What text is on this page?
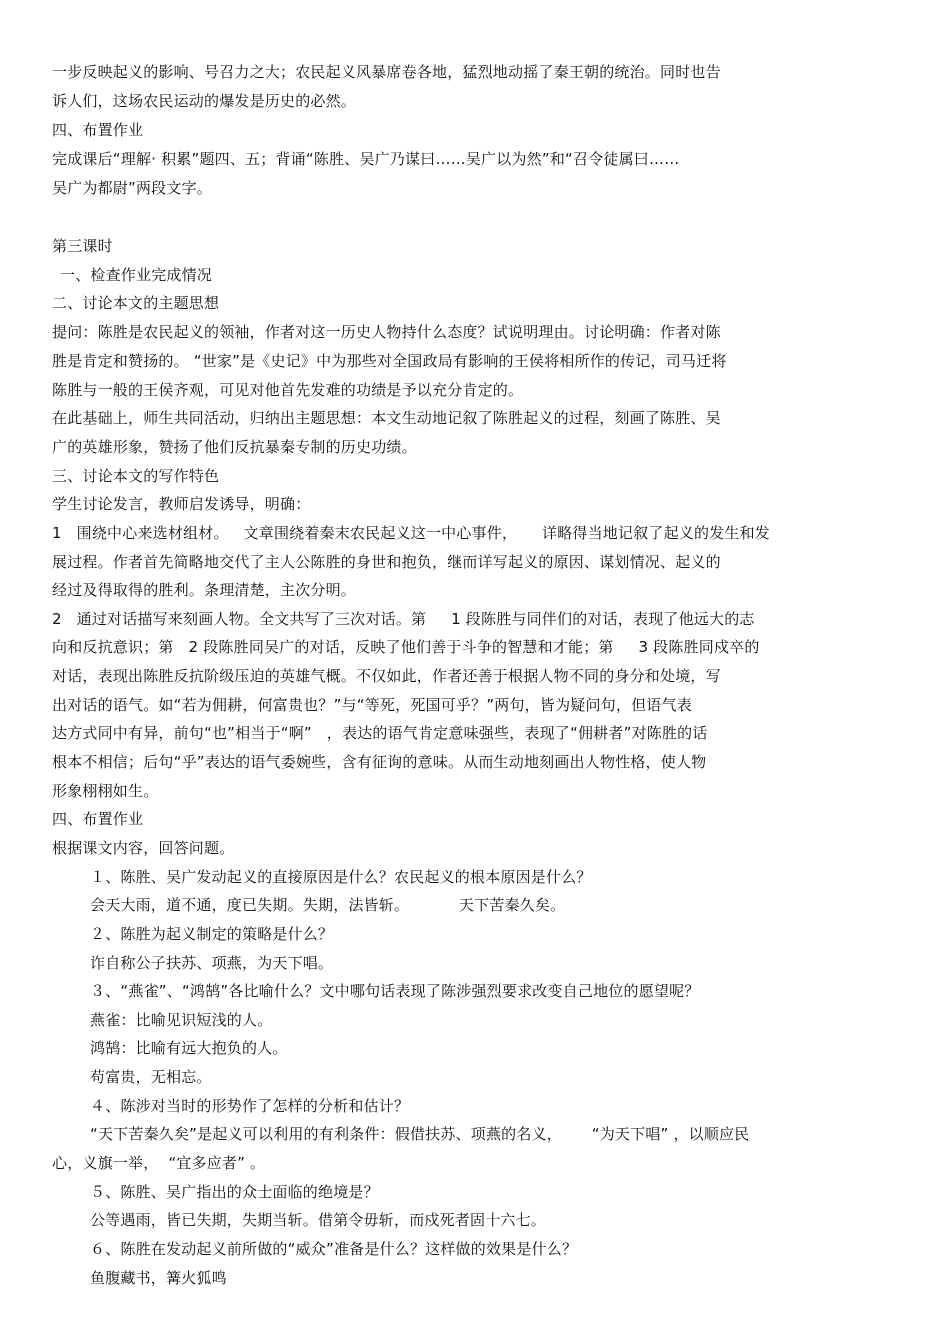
一步反映起义的影响、号召力之大；农民起义风暴席卷各地，猛烈地动摇了秦王朝的统治。同时也告
诉人们，这场农民运动的爆发是历史的必然。
四、布置作业
完成课后“理解· 积累”题四、五；背诵“陈胜、吴广乃谋曰……吴广以为然”和“召令徒属曰……
吴广为都尉”两段文字。
第三课时
一、检查作业完成情况
二、讨论本文的主题思想
提问：陈胜是农民起义的领袖，作者对这一历史人物持什么态度？试说明理由。讨论明确：作者对陈
胜是肯定和赞扬的。 “世家”是《史记》中为那些对全国政局有影响的王侯将相所作的传记，司马迁将
陈胜与一般的王侯齐观，可见对他首先发难的功绩是予以充分肯定的。
在此基础上，师生共同活动，归纳出主题思想：本文生动地记叙了陈胜起义的过程，刻画了陈胜、吴
广的英雄形象，赞扬了他们反抗暴秦专制的历史功绩。
三、讨论本文的写作特色
学生讨论发言，教师启发诱导，明确：
1   围绕中心来选材组材。   文章围绕着秦末农民起义这一中心事件，     详略得当地记叙了起义的发生和发
展过程。作者首先简略地交代了主人公陈胜的身世和抱负，继而详写起义的原因、谋划情况、起义的
经过及得取得的胜利。条理清楚，主次分明。
2   通过对话描写来刻画人物。全文共写了三次对话。第     1 段陈胜与同伴们的对话，表现了他远大的志
向和反抗意识；第   2 段陈胜同吴广的对话，反映了他们善于斗争的智慧和才能；第     3 段陈胜同戍卒的
对话，表现出陈胜反抗阶级压迫的英雄气概。不仅如此，作者还善于根据人物不同的身分和处境，写
出对话的语气。如“若为佣耕，何富贵也？”与“等死，死国可乎？”两句，皆为疑问句，但语气表
达方式同中有异，前句“也”相当于“啊”   ，表达的语气肯定意味强些，表现了“佣耕者”对陈胜的话
根本不相信；后句“乎”表达的语气委婉些，含有征询的意味。从而生动地刻画出人物性格，使人物
形象栩栩如生。
四、布置作业
根据课文内容，回答问题。
１、陈胜、吴广发动起义的直接原因是什么？农民起义的根本原因是什么？
会天大雨，道不通，度已失期。失期，法皆斩。          天下苦秦久矣。
２、陈胜为起义制定的策略是什么？
诈自称公子扶苏、项燕，为天下唱。
３、“燕雀”、“鸿鹄”各比喻什么？文中哪句话表现了陈涉强烈要求改变自己地位的愿望呢？
燕雀：比喻见识短浅的人。
鸿鹄：比喻有远大抱负的人。
苟富贵，无相忘。
４、陈涉对当时的形势作了怎样的分析和估计？
“天下苦秦久矣”是起义可以利用的有利条件：假借扶苏、项燕的名义，      “为天下唱” ，以顺应民
心，义旗一举，  “宜多应者” 。
５、陈胜、吴广指出的众士面临的绝境是？
公等遇雨，皆已失期，失期当斩。借第令毋斩，而戍死者固十六七。
６、陈胜在发动起义前所做的“威众”准备是什么？这样做的效果是什么？
鱼腹藏书，篝火狐鸣
